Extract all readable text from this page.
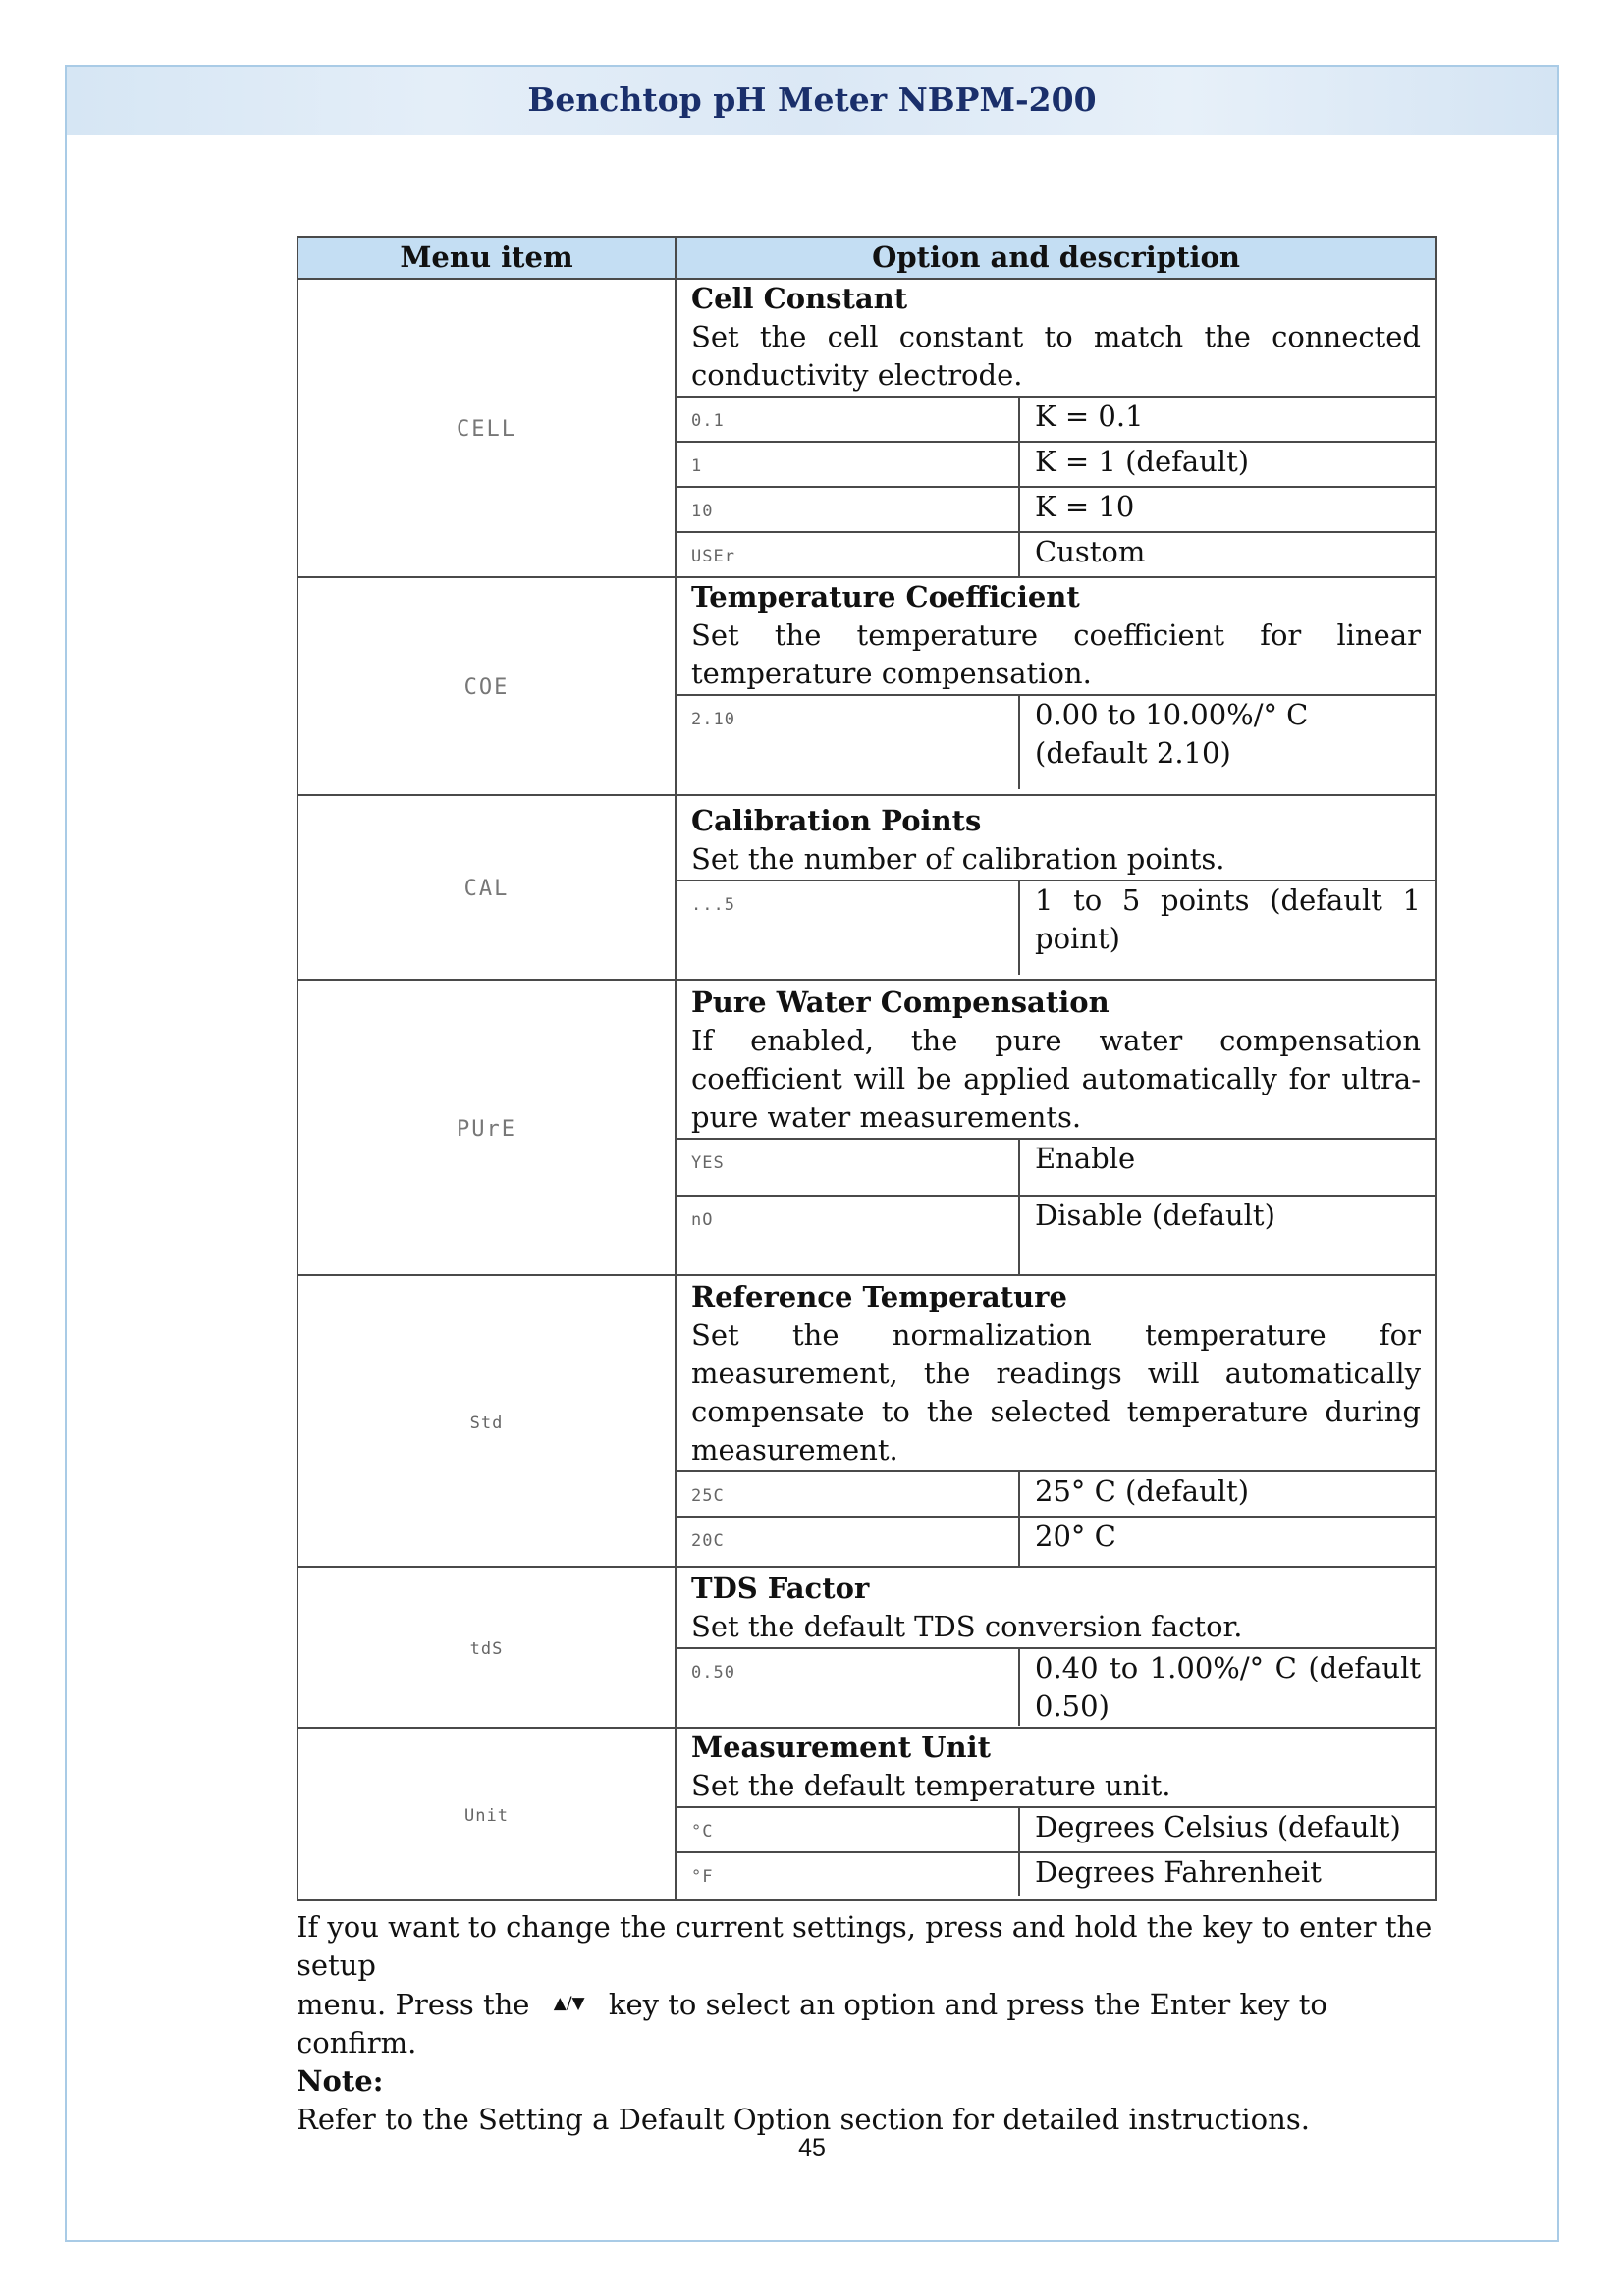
Benchtop pH Meter NBPM-200
Menu item	Option and description
CELL	
Cell Constant
Set the cell constant to match the connected conductivity electrode.
0.1	K = 0.1
1	K = 1 (default)
10	K = 10
USEr	Custom

COE	
Temperature Coefficient
Set the temperature coefficient for linear temperature compensation.
2.10	0.00 to 10.00%/° C (default 2.10)

CAL	
Calibration Points
Set the number of calibration points.
...5	1 to 5 points (default 1 point)

PUrE	
Pure Water Compensation
If enabled, the pure water compensation coefficient will be applied automatically for ultra-pure water measurements.
YES	Enable
nO	Disable (default)

Std	
Reference Temperature
Set the normalization temperature for measurement, the readings will automatically compensate to the selected temperature during measurement.
25C	25° C (default)
20C	20° C

tdS	
TDS Factor
Set the default TDS conversion factor.
0.50	0.40 to 1.00%/° C (default 0.50)

Unit	
Measurement Unit
Set the default temperature unit.
°C	Degrees Celsius (default)
°F	Degrees Fahrenheit
If you want to change the current settings, press and hold the key to enter the setup
menu. Press the ▲/▼ key to select an option and press the Enter key to confirm.
Note:
Refer to the Setting a Default Option section for detailed instructions.
45
